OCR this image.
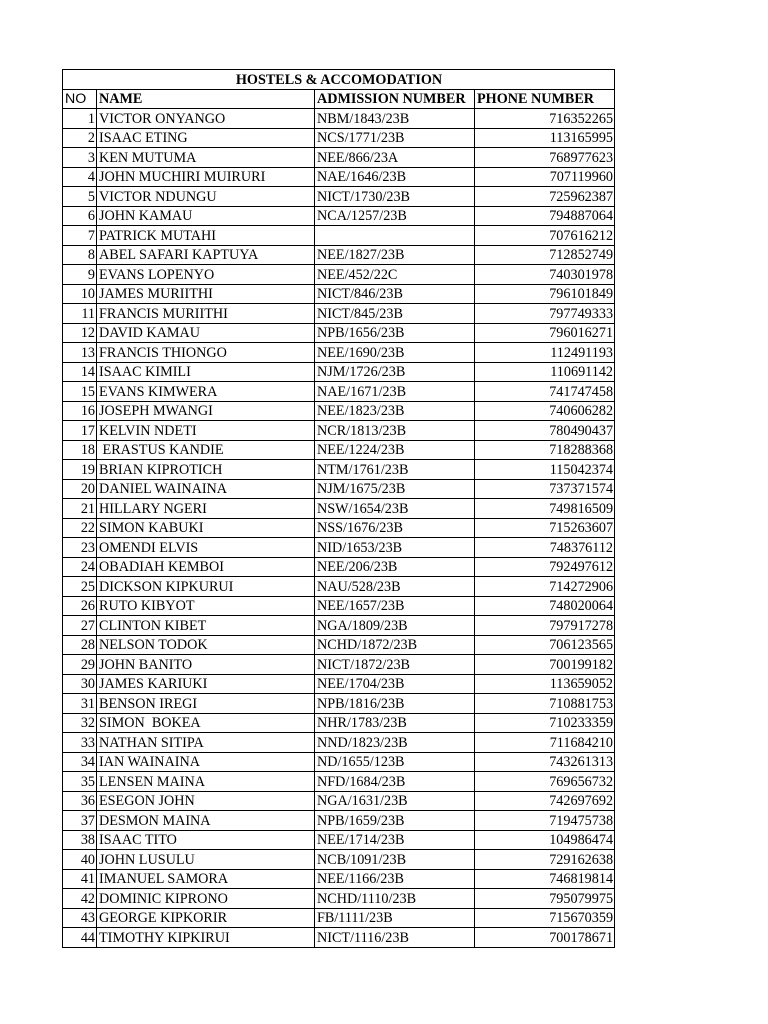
HOSTELS & ACCOMODATION			
NO	NAME	ADMISSION NUMBER	PHONE NUMBER
1	VICTOR ONYANGO	NBM/1843/23B	716352265
2	ISAAC ETING	NCS/1771/23B	113165995
3	KEN MUTUMA	NEE/866/23A	768977623
4	JOHN MUCHIRI MUIRURI	NAE/1646/23B	707119960
5	VICTOR NDUNGU	NICT/1730/23B	725962387
6	JOHN KAMAU	NCA/1257/23B	794887064
7	PATRICK MUTAHI		707616212
8	ABEL SAFARI KAPTUYA	NEE/1827/23B	712852749
9	EVANS LOPENYO	NEE/452/22C	740301978
10	JAMES MURIITHI	NICT/846/23B	796101849
11	FRANCIS MURIITHI	NICT/845/23B	797749333
12	DAVID KAMAU	NPB/1656/23B	796016271
13	FRANCIS THIONGO	NEE/1690/23B	112491193
14	ISAAC KIMILI	NJM/1726/23B	110691142
15	EVANS KIMWERA	NAE/1671/23B	741747458
16	JOSEPH MWANGI	NEE/1823/23B	740606282
17	KELVIN NDETI	NCR/1813/23B	780490437
18	ERASTUS KANDIE	NEE/1224/23B	718288368
19	BRIAN KIPROTICH	NTM/1761/23B	115042374
20	DANIEL WAINAINA	NJM/1675/23B	737371574
21	HILLARY NGERI	NSW/1654/23B	749816509
22	SIMON KABUKI	NSS/1676/23B	715263607
23	OMENDI ELVIS	NID/1653/23B	748376112
24	OBADIAH KEMBOI	NEE/206/23B	792497612
25	DICKSON KIPKURUI	NAU/528/23B	714272906
26	RUTO KIBYOT	NEE/1657/23B	748020064
27	CLINTON KIBET	NGA/1809/23B	797917278
28	NELSON TODOK	NCHD/1872/23B	706123565
29	JOHN BANITO	NICT/1872/23B	700199182
30	JAMES KARIUKI	NEE/1704/23B	113659052
31	BENSON IREGI	NPB/1816/23B	710881753
32	SIMON  BOKEA	NHR/1783/23B	710233359
33	NATHAN SITIPA	NND/1823/23B	711684210
34	IAN WAINAINA	ND/1655/123B	743261313
35	LENSEN MAINA	NFD/1684/23B	769656732
36	ESEGON JOHN	NGA/1631/23B	742697692
37	DESMON MAINA	NPB/1659/23B	719475738
38	ISAAC TITO	NEE/1714/23B	104986474
40	JOHN LUSULU	NCB/1091/23B	729162638
41	IMANUEL SAMORA	NEE/1166/23B	746819814
42	DOMINIC KIPRONO	NCHD/1110/23B	795079975
43	GEORGE KIPKORIR	FB/1111/23B	715670359
44	TIMOTHY KIPKIRUI	NICT/1116/23B	700178671
